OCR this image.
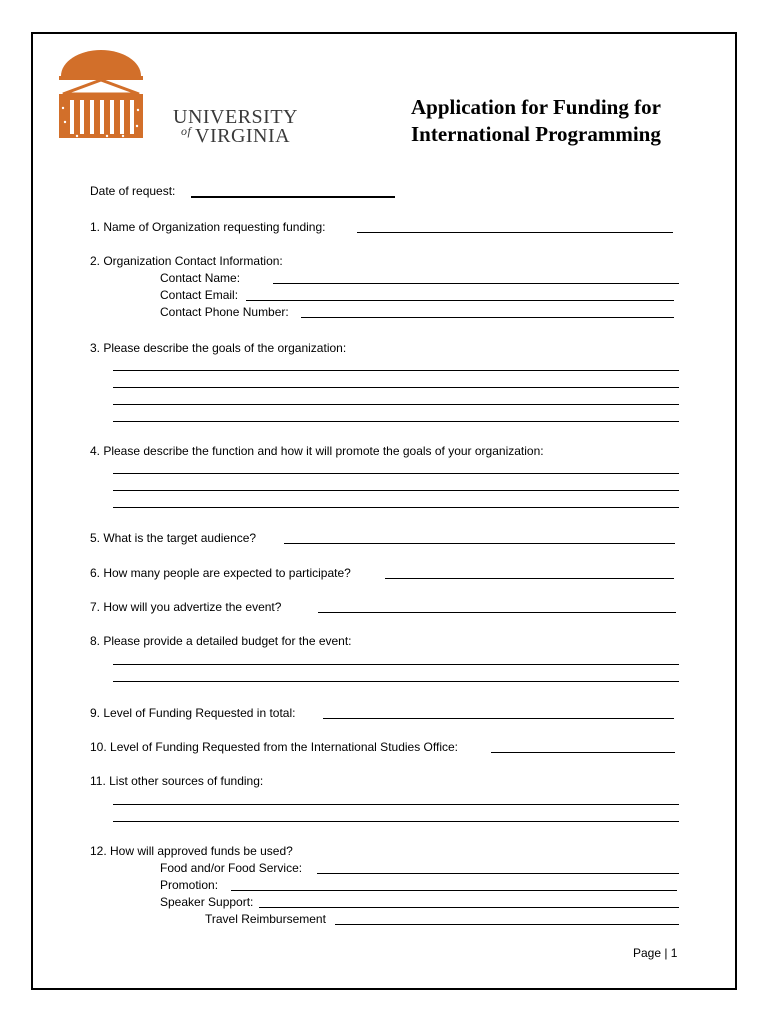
UNIVERSITY
of VIRGINIA
Application for Funding for
International Programming
Date of request:
1. Name of Organization requesting funding:
2. Organization Contact Information:
Contact Name:
Contact Email:
Contact Phone Number:
3. Please describe the goals of the organization:
4. Please describe the function and how it will promote the goals of your organization:
5. What is the target audience?
6. How many people are expected to participate?
7. How will you advertize the event?
8. Please provide a detailed budget for the event:
9. Level of Funding Requested in total:
10. Level of Funding Requested from the International Studies Office:
11. List other sources of funding:
12. How will approved funds be used?
Food and/or Food Service:
Promotion:
Speaker Support:
Travel Reimbursement
Page | 1
